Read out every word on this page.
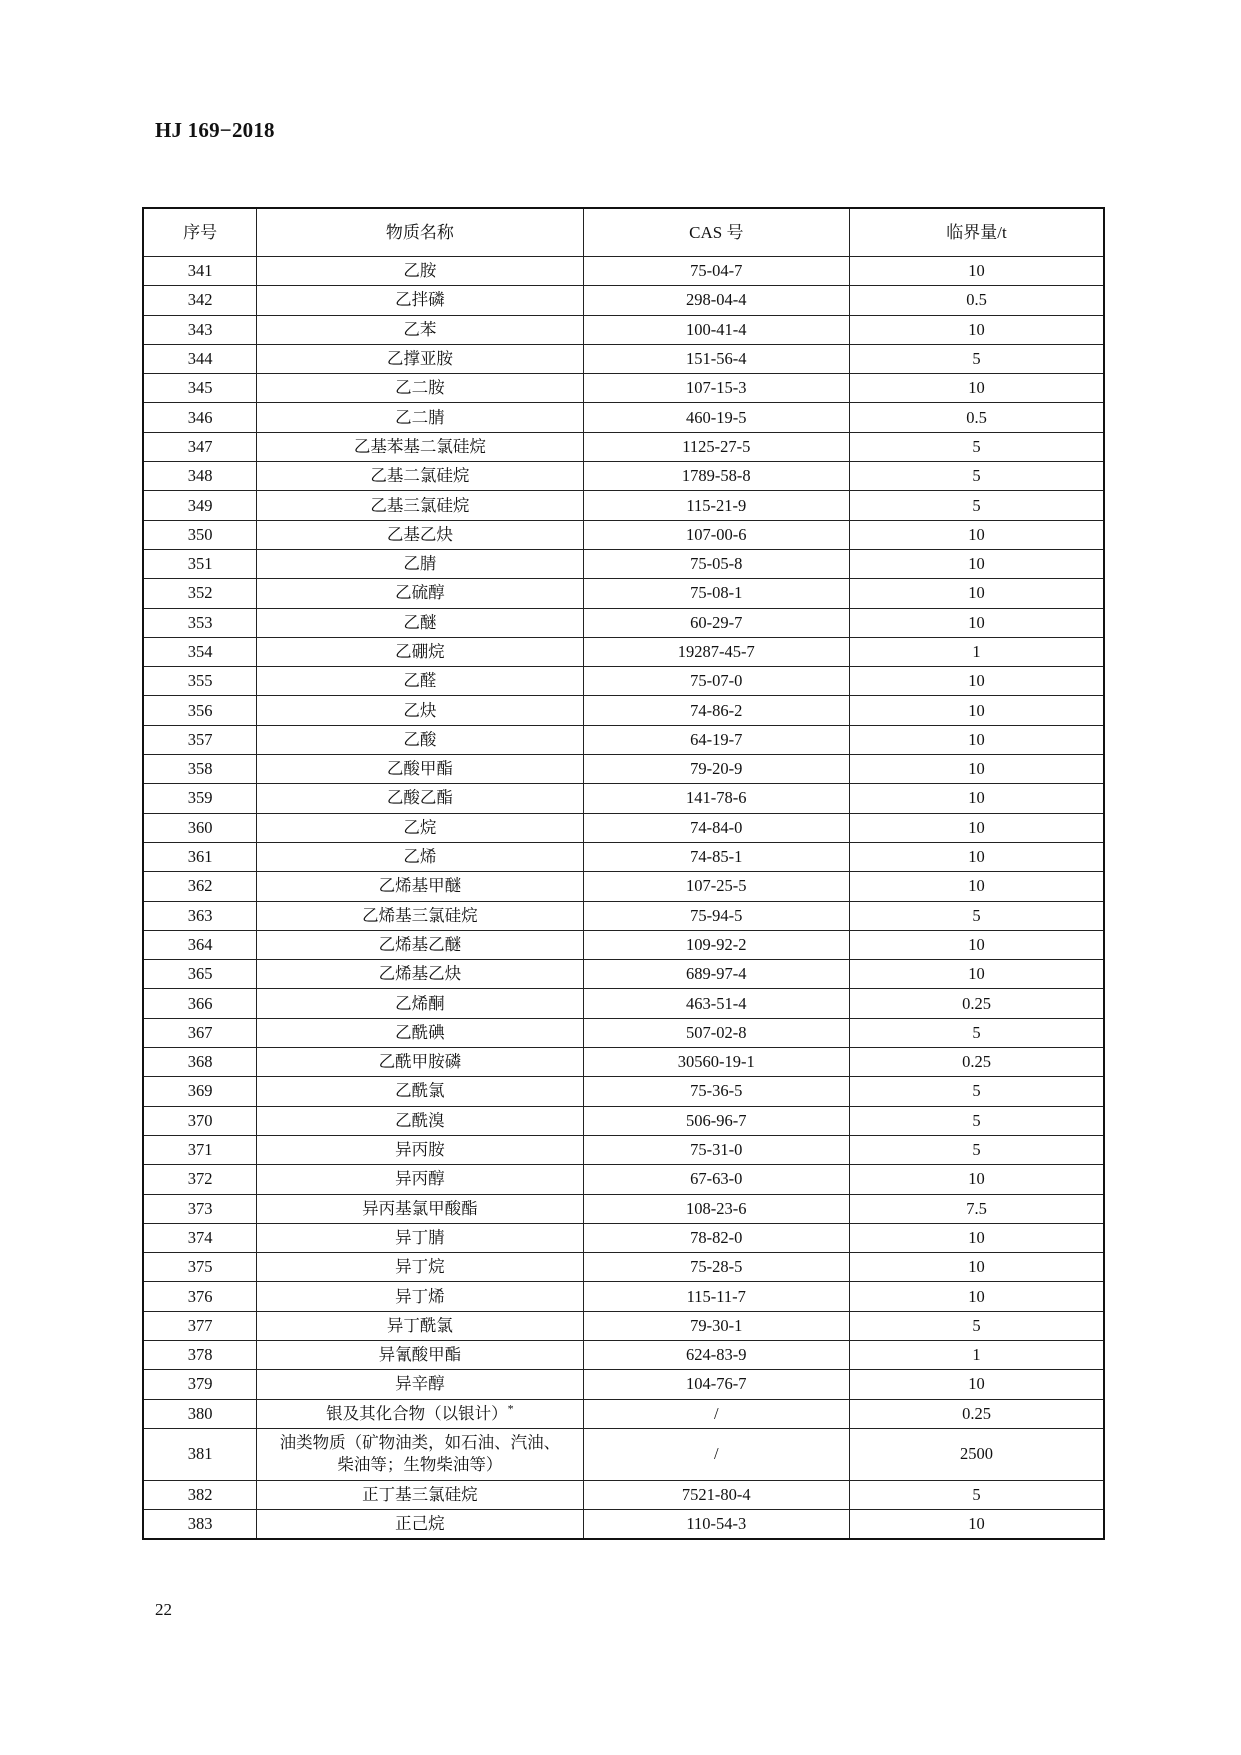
HJ 169−2018
序号	物质名称	CAS 号	临界量/t
341	乙胺	75-04-7	10
342	乙拌磷	298-04-4	0.5
343	乙苯	100-41-4	10
344	乙撑亚胺	151-56-4	5
345	乙二胺	107-15-3	10
346	乙二腈	460-19-5	0.5
347	乙基苯基二氯硅烷	1125-27-5	5
348	乙基二氯硅烷	1789-58-8	5
349	乙基三氯硅烷	115-21-9	5
350	乙基乙炔	107-00-6	10
351	乙腈	75-05-8	10
352	乙硫醇	75-08-1	10
353	乙醚	60-29-7	10
354	乙硼烷	19287-45-7	1
355	乙醛	75-07-0	10
356	乙炔	74-86-2	10
357	乙酸	64-19-7	10
358	乙酸甲酯	79-20-9	10
359	乙酸乙酯	141-78-6	10
360	乙烷	74-84-0	10
361	乙烯	74-85-1	10
362	乙烯基甲醚	107-25-5	10
363	乙烯基三氯硅烷	75-94-5	5
364	乙烯基乙醚	109-92-2	10
365	乙烯基乙炔	689-97-4	10
366	乙烯酮	463-51-4	0.25
367	乙酰碘	507-02-8	5
368	乙酰甲胺磷	30560-19-1	0.25
369	乙酰氯	75-36-5	5
370	乙酰溴	506-96-7	5
371	异丙胺	75-31-0	5
372	异丙醇	67-63-0	10
373	异丙基氯甲酸酯	108-23-6	7.5
374	异丁腈	78-82-0	10
375	异丁烷	75-28-5	10
376	异丁烯	115-11-7	10
377	异丁酰氯	79-30-1	5
378	异氰酸甲酯	624-83-9	1
379	异辛醇	104-76-7	10
380	银及其化合物（以银计）*	/	0.25
381	油类物质（矿物油类，如石油、汽油、
柴油等；生物柴油等）	/	2500
382	正丁基三氯硅烷	7521-80-4	5
383	正己烷	110-54-3	10
22
